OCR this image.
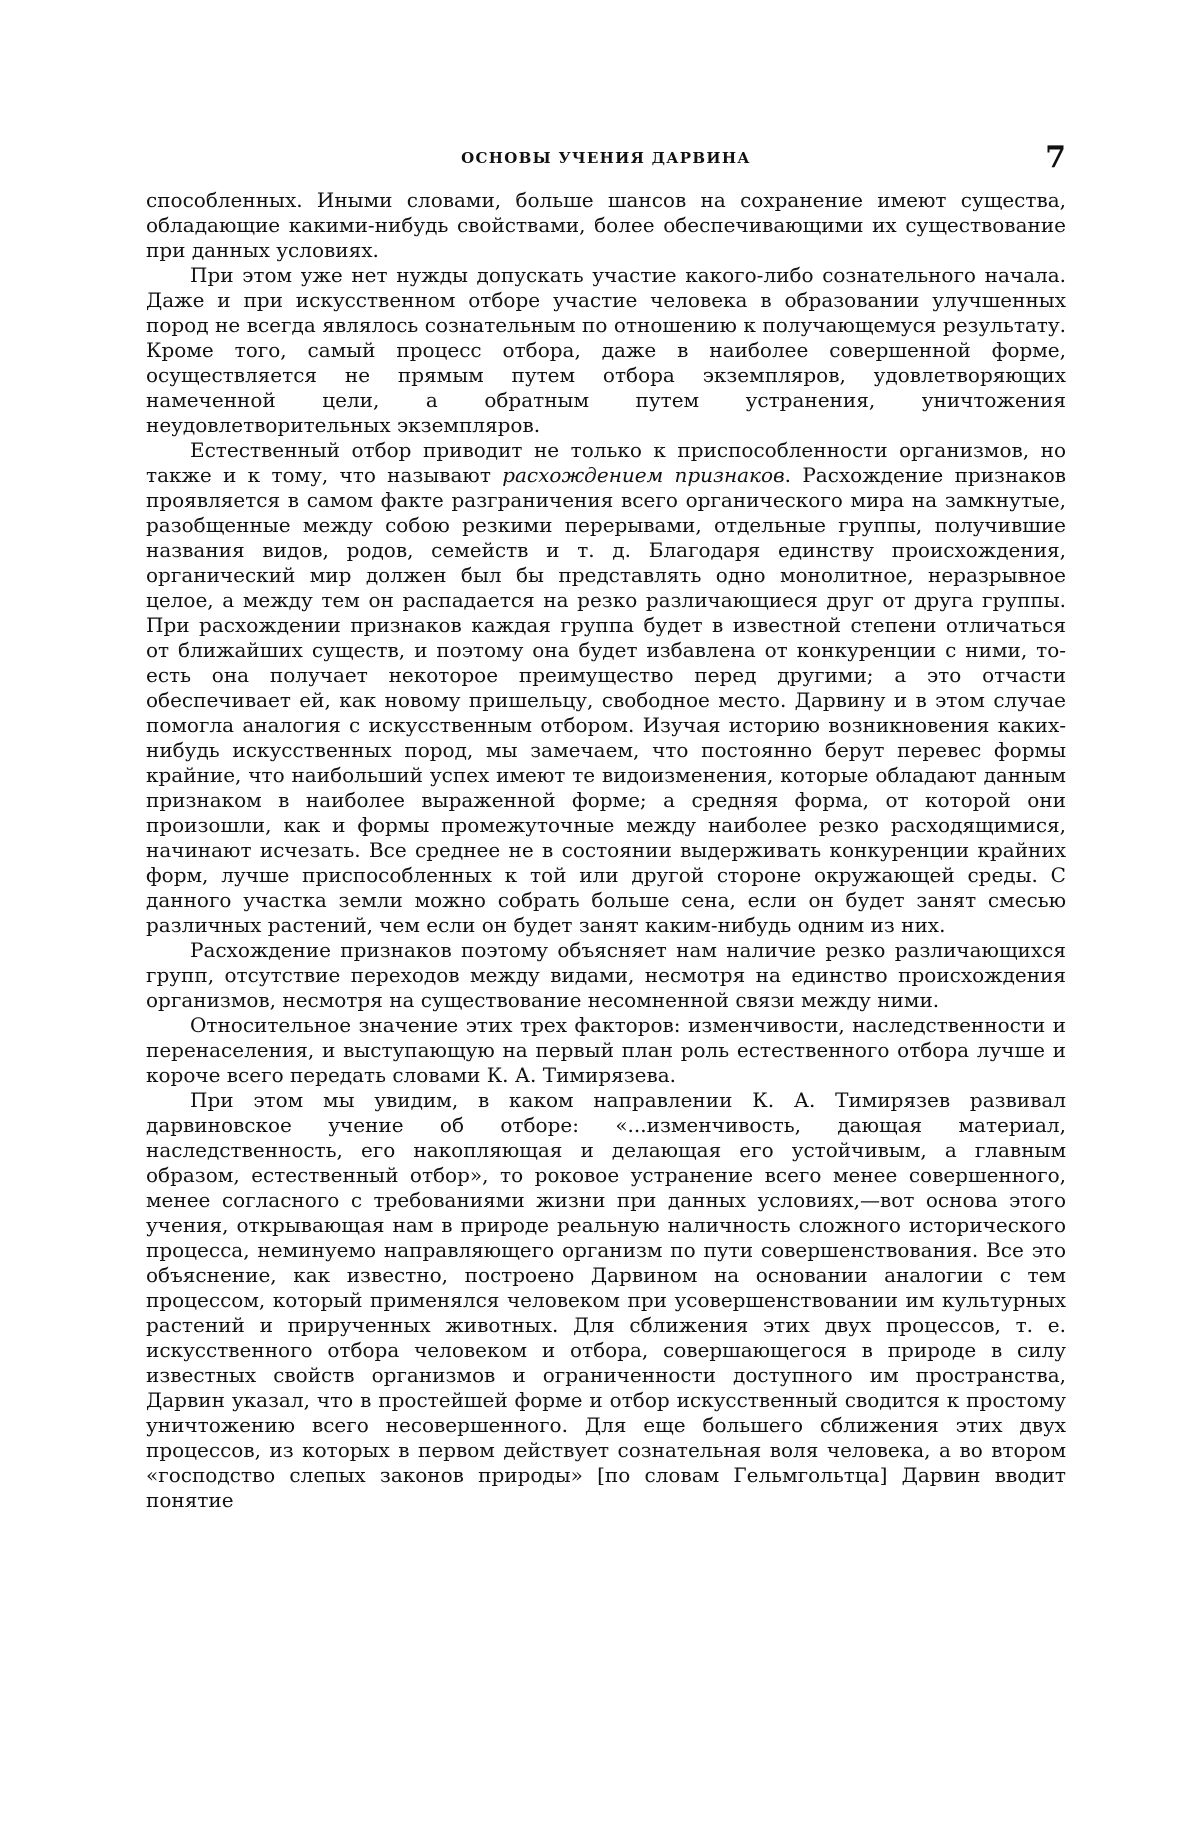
ОСНОВЫ УЧЕНИЯ ДАРВИНА	7

способленных. Иными словами, больше шансов на сохранение имеют существа, обладающие какими-нибудь свойствами, более обеспечивающими их существование при данных условиях.

При этом уже нет нужды допускать участие какого-либо сознательного начала. Даже и при искусственном отборе участие человека в образовании улучшенных пород не всегда являлось сознательным по отношению к получающемуся результату. Кроме того, самый процесс отбора, даже в наиболее совершенной форме, осуществляется не прямым путем отбора экземпляров, удовлетворяющих намеченной цели, а обратным путем устранения, уничтожения неудовлетворительных экземпляров.

Естественный отбор приводит не только к приспособленности организмов, но также и к тому, что называют расхождением признаков. Расхождение признаков проявляется в самом факте разграничения всего органического мира на замкнутые, разобщенные между собою резкими перерывами, отдельные группы, получившие названия видов, родов, семейств и т. д. Благодаря единству происхождения, органический мир должен был бы представлять одно монолитное, неразрывное целое, а между тем он распадается на резко различающиеся друг от друга группы. При расхождении признаков каждая группа будет в известной степени отличаться от ближайших существ, и поэтому она будет избавлена от конкуренции с ними, то-есть она получает некоторое преимущество перед другими; а это отчасти обеспечивает ей, как новому пришельцу, свободное место. Дарвину и в этом случае помогла аналогия с искусственным отбором. Изучая историю возникновения каких-нибудь искусственных пород, мы замечаем, что постоянно берут перевес формы крайние, что наибольший успех имеют те видоизменения, которые обладают данным признаком в наиболее выраженной форме; а средняя форма, от которой они произошли, как и формы промежуточные между наиболее резко расходящимися, начинают исчезать. Все среднее не в состоянии выдерживать конкуренции крайних форм, лучше приспособленных к той или другой стороне окружающей среды. С данного участка земли можно собрать больше сена, если он будет занят смесью различных растений, чем если он будет занят каким-нибудь одним из них.

Расхождение признаков поэтому объясняет нам наличие резко различающихся групп, отсутствие переходов между видами, несмотря на единство происхождения организмов, несмотря на существование несомненной связи между ними.

Относительное значение этих трех факторов: изменчивости, наследственности и перенаселения, и выступающую на первый план роль естественного отбора лучше и короче всего передать словами К. А. Тимирязева.

При этом мы увидим, в каком направлении К. А. Тимирязев развивал дарвиновское учение об отборе: «...изменчивость, дающая материал, наследственность, его накопляющая и делающая его устойчивым, а главным образом, естественный отбор», то роковое устранение всего менее совершенного, менее согласного с требованиями жизни при данных условиях,—вот основа этого учения, открывающая нам в природе реальную наличность сложного исторического процесса, неминуемо направляющего организм по пути совершенствования. Все это объяснение, как известно, построено Дарвином на основании аналогии с тем процессом, который применялся человеком при усовершенствовании им культурных растений и прирученных животных. Для сближения этих двух процессов, т. е. искусственного отбора человеком и отбора, совершающегося в природе в силу известных свойств организмов и ограниченности доступного им пространства, Дарвин указал, что в простейшей форме и отбор искусственный сводится к простому уничтожению всего несовершенного. Для еще большего сближения этих двух процессов, из которых в первом действует сознательная воля человека, а во втором «господство слепых законов природы» [по словам Гельмгольтца] Дарвин вводит понятие
